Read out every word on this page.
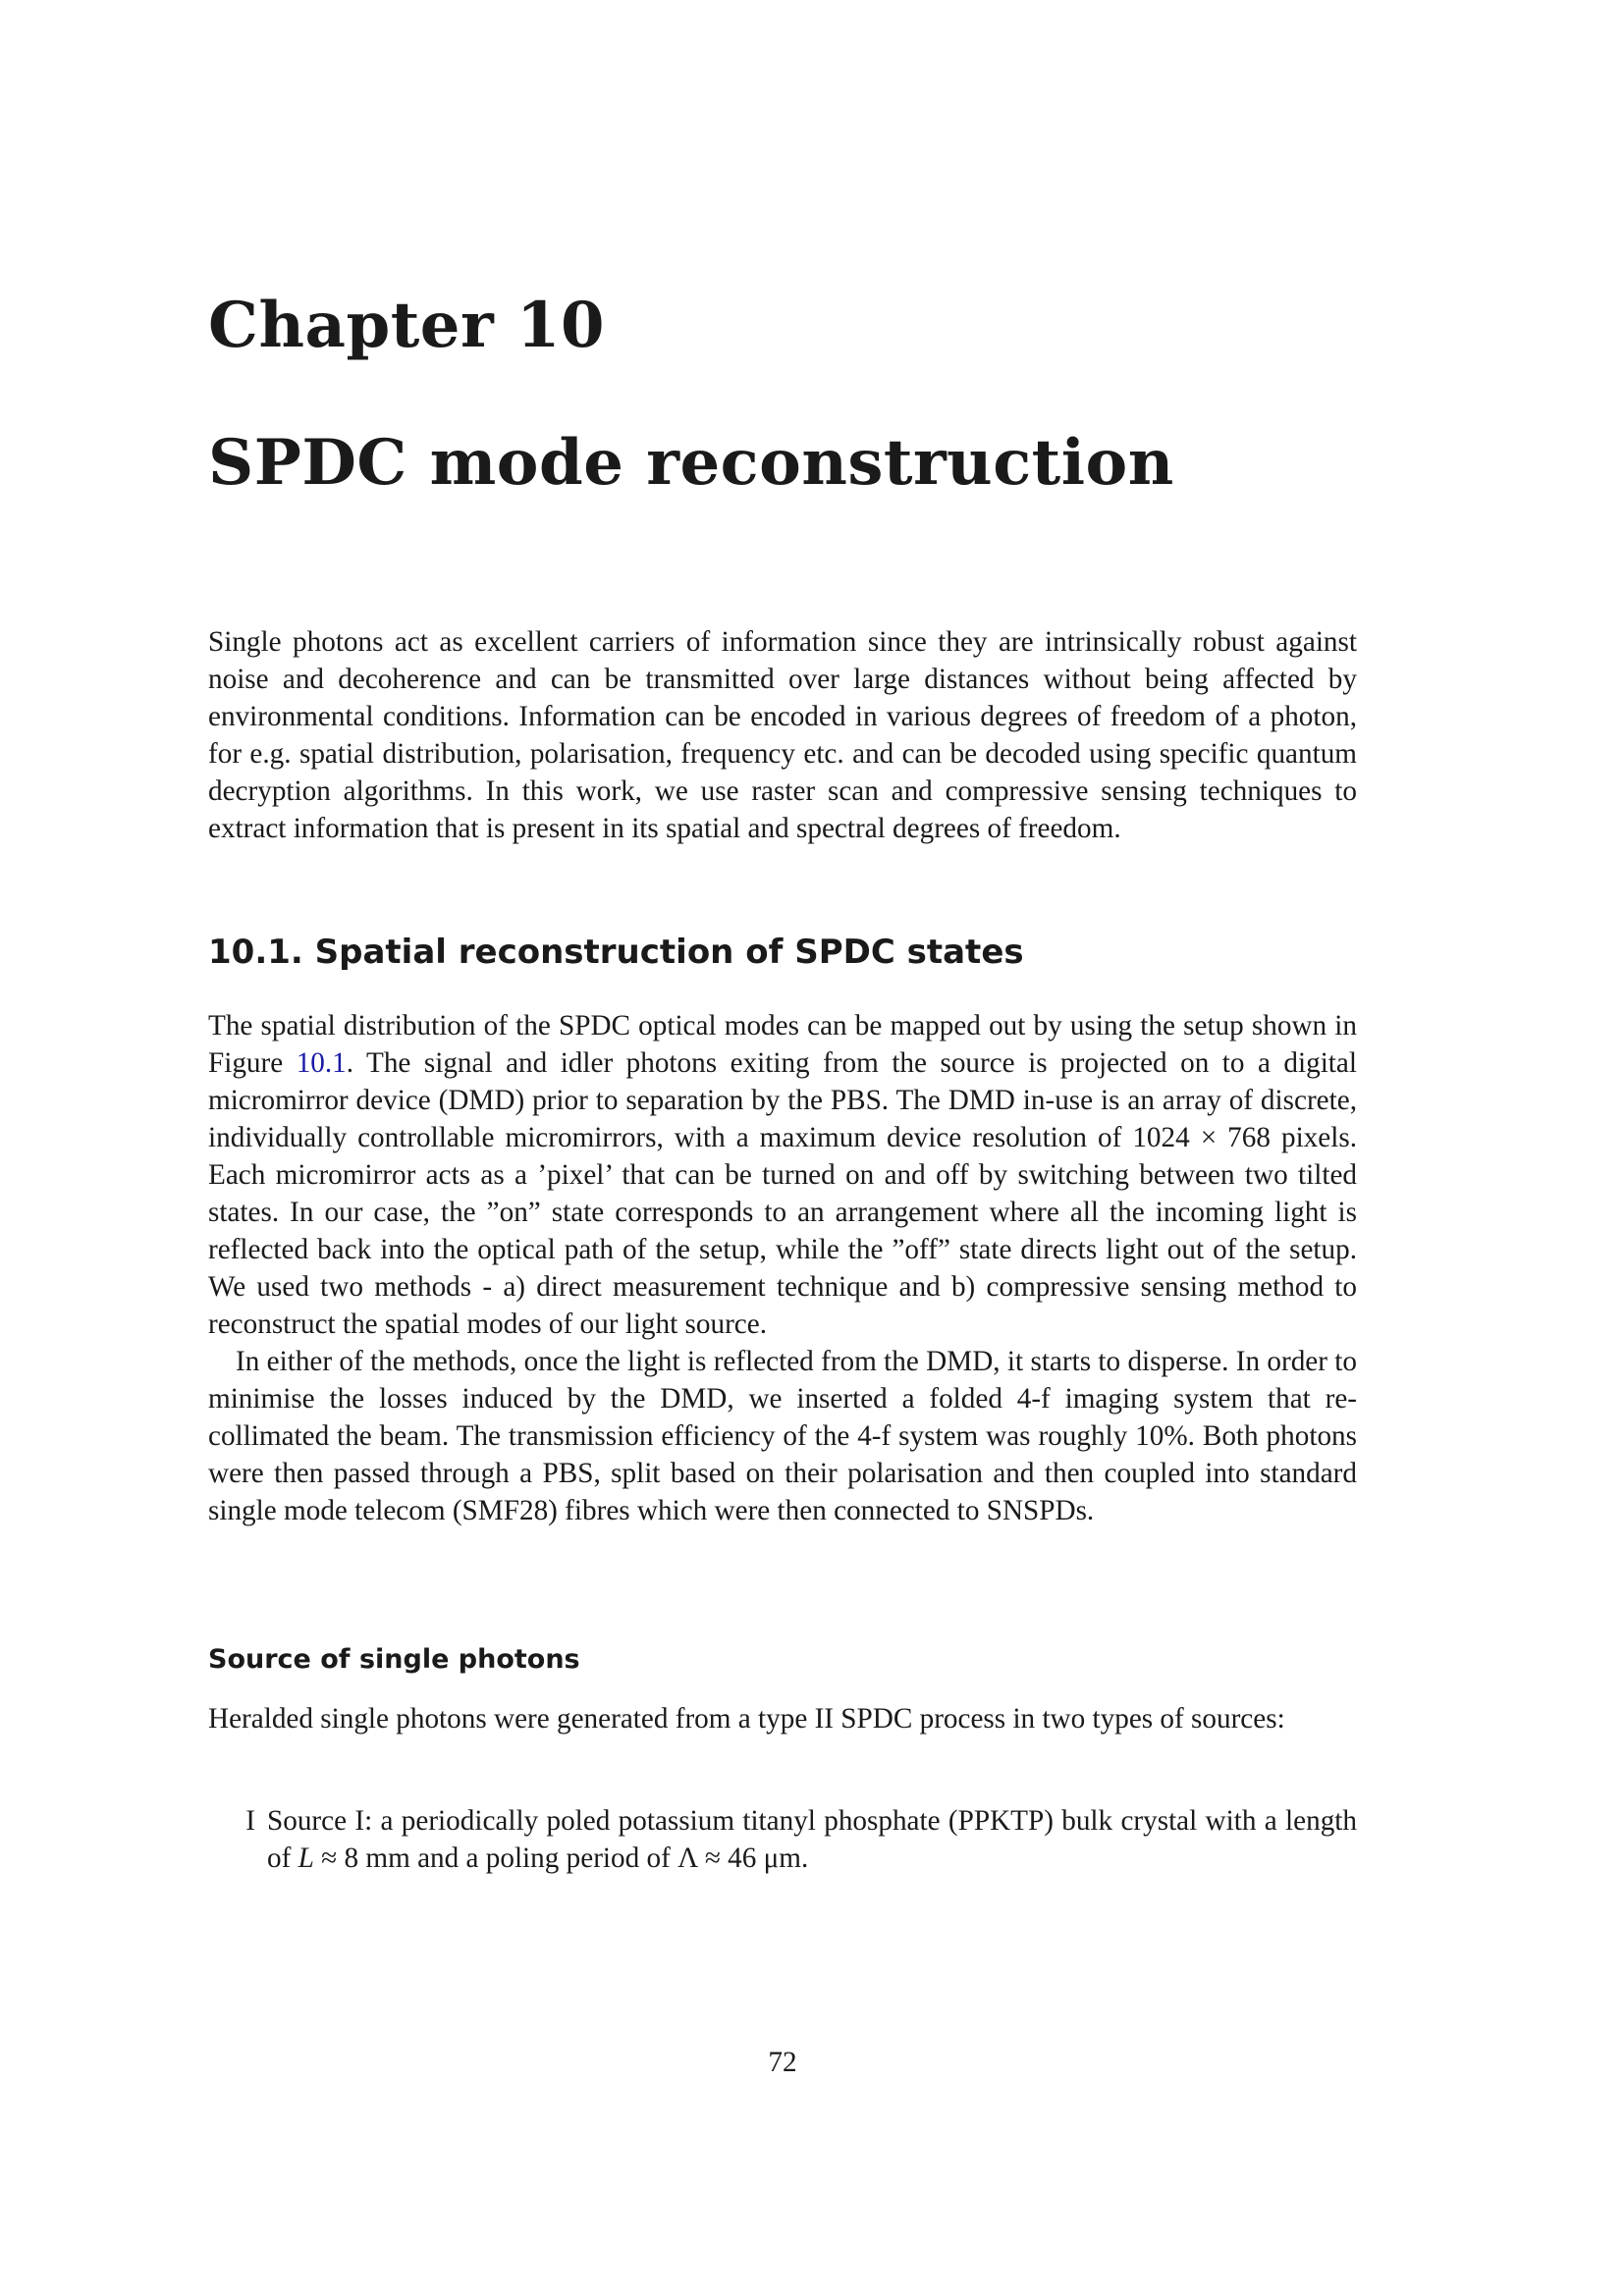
Chapter 10
SPDC mode reconstruction

Single photons act as excellent carriers of information since they are intrinsically robust against noise and decoherence and can be transmitted over large distances without being affected by environmental conditions. Information can be encoded in various degrees of freedom of a photon, for e.g. spatial distribution, polarisation, frequency etc. and can be decoded using specific quantum decryption algorithms. In this work, we use raster scan and compressive sensing techniques to extract information that is present in its spatial and spectral degrees of freedom.

10.1. Spatial reconstruction of SPDC states

The spatial distribution of the SPDC optical modes can be mapped out by using the setup shown in Figure 10.1. The signal and idler photons exiting from the source is projected on to a digital micromirror device (DMD) prior to separation by the PBS. The DMD in-use is an array of discrete, individually controllable micromirrors, with a maximum device resolution of 1024 × 768 pixels. Each micromirror acts as a ’pixel’ that can be turned on and off by switching between two tilted states. In our case, the ”on” state corresponds to an arrangement where all the incoming light is reflected back into the optical path of the setup, while the ”off” state directs light out of the setup. We used two methods - a) direct measurement technique and b) compressive sensing method to reconstruct the spatial modes of our light source.

In either of the methods, once the light is reflected from the DMD, it starts to disperse. In order to minimise the losses induced by the DMD, we inserted a folded 4-f imaging system that re-collimated the beam. The transmission efficiency of the 4-f system was roughly 10%. Both photons were then passed through a PBS, split based on their polarisation and then coupled into standard single mode telecom (SMF28) fibres which were then connected to SNSPDs.

Source of single photons

Heralded single photons were generated from a type II SPDC process in two types of sources:

I Source I: a periodically poled potassium titanyl phosphate (PPKTP) bulk crystal with a length of L ≈ 8 mm and a poling period of Λ ≈ 46 μm.
72
